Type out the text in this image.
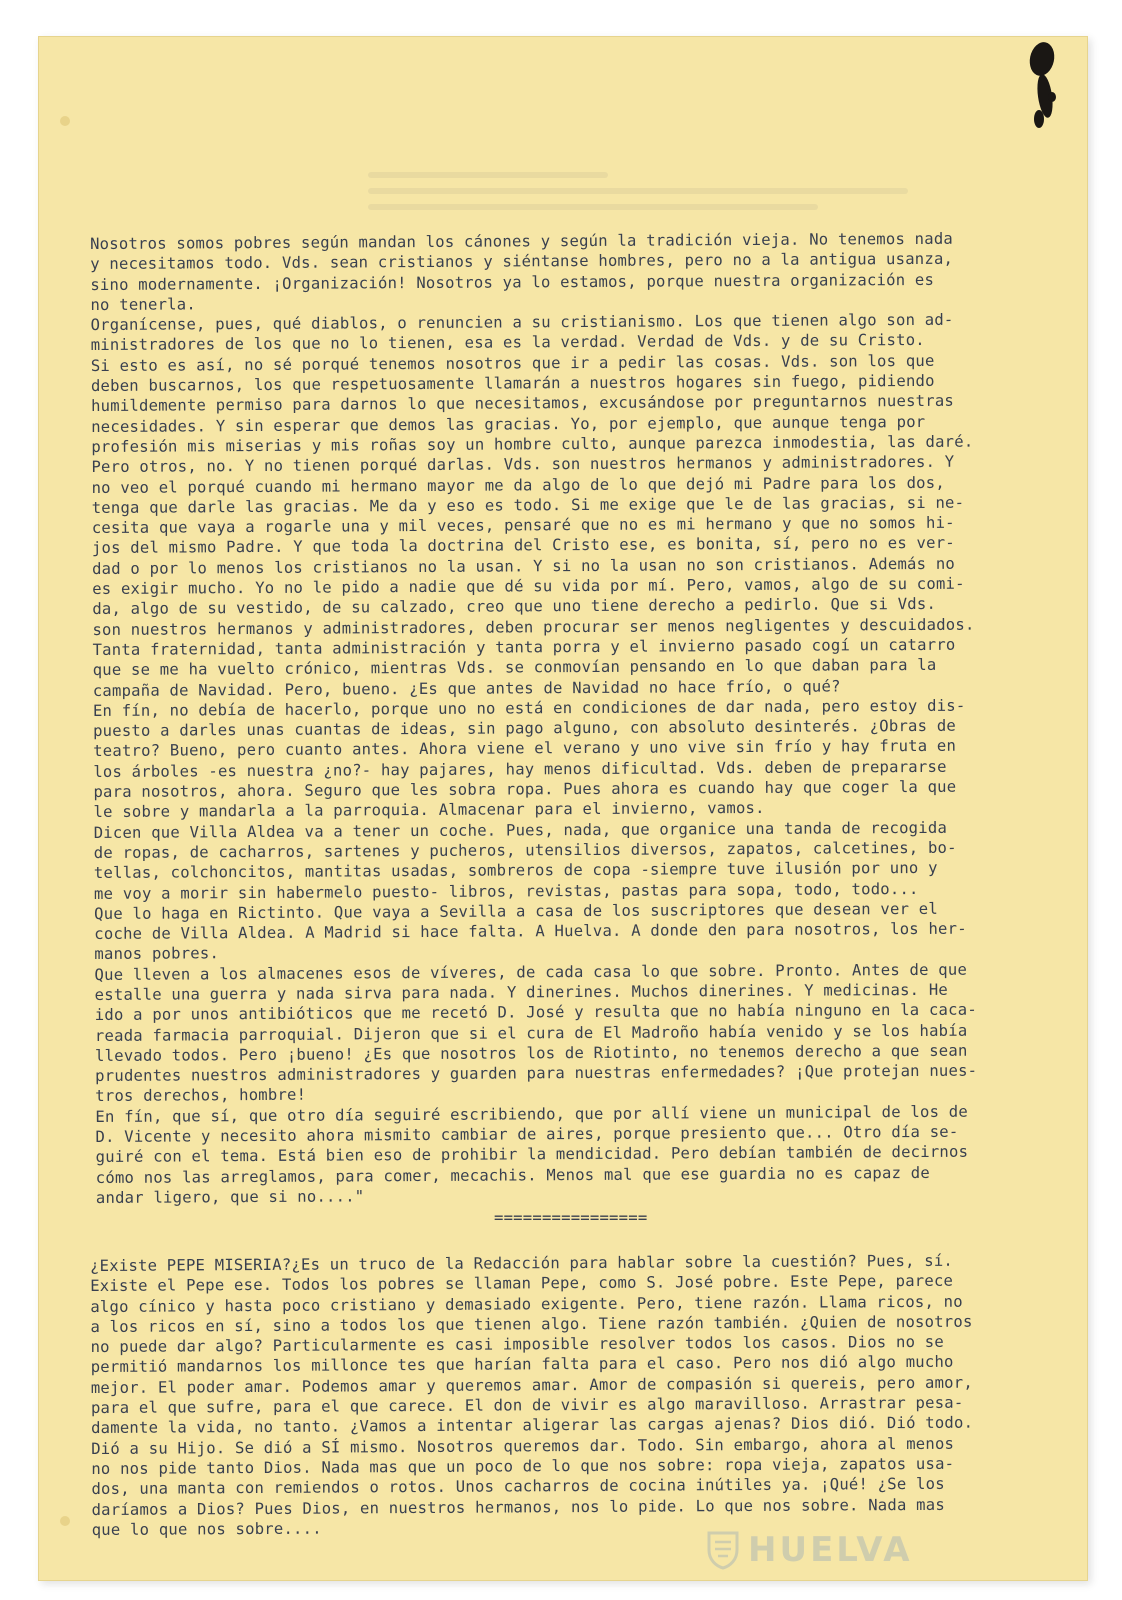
Nosotros somos pobres según mandan los cánones y según la tradición vieja. No tenemos nada
y necesitamos todo. Vds. sean cristianos y siéntanse hombres, pero no a la antigua usanza,
sino modernamente. ¡Organización! Nosotros ya lo estamos, porque nuestra organización es
no tenerla.
Organícense, pues, qué diablos, o renuncien a su cristianismo. Los que tienen algo son ad-
ministradores de los que no lo tienen, esa es la verdad. Verdad de Vds. y de su Cristo.
Si esto es así, no sé porqué tenemos nosotros que ir a pedir las cosas. Vds. son los que
deben buscarnos, los que respetuosamente llamarán a nuestros hogares sin fuego, pidiendo
humildemente permiso para darnos lo que necesitamos, excusándose por preguntarnos nuestras
necesidades. Y sin esperar que demos las gracias. Yo, por ejemplo, que aunque tenga por
profesión mis miserias y mis roñas soy un hombre culto, aunque parezca inmodestia, las daré.
Pero otros, no. Y no tienen porqué darlas. Vds. son nuestros hermanos y administradores. Y
no veo el porqué cuando mi hermano mayor me da algo de lo que dejó mi Padre para los dos,
tenga que darle las gracias. Me da y eso es todo. Si me exige que le de las gracias, si ne-
cesita que vaya a rogarle una y mil veces, pensaré que no es mi hermano y que no somos hi-
jos del mismo Padre. Y que toda la doctrina del Cristo ese, es bonita, sí, pero no es ver-
dad o por lo menos los cristianos no la usan. Y si no la usan no son cristianos. Además no
es exigir mucho. Yo no le pido a nadie que dé su vida por mí. Pero, vamos, algo de su comi-
da, algo de su vestido, de su calzado, creo que uno tiene derecho a pedirlo. Que si Vds.
son nuestros hermanos y administradores, deben procurar ser menos negligentes y descuidados.
Tanta fraternidad, tanta administración y tanta porra y el invierno pasado cogí un catarro
que se me ha vuelto crónico, mientras Vds. se conmovían pensando en lo que daban para la
campaña de Navidad. Pero, bueno. ¿Es que antes de Navidad no hace frío, o qué?
En fín, no debía de hacerlo, porque uno no está en condiciones de dar nada, pero estoy dis-
puesto a darles unas cuantas de ideas, sin pago alguno, con absoluto desinterés. ¿Obras de
teatro? Bueno, pero cuanto antes. Ahora viene el verano y uno vive sin frío y hay fruta en
los árboles -es nuestra ¿no?- hay pajares, hay menos dificultad. Vds. deben de prepararse
para nosotros, ahora. Seguro que les sobra ropa. Pues ahora es cuando hay que coger la que
le sobre y mandarla a la parroquia. Almacenar para el invierno, vamos.
Dicen que Villa Aldea va a tener un coche. Pues, nada, que organice una tanda de recogida
de ropas, de cacharros, sartenes y pucheros, utensilios diversos, zapatos, calcetines, bo-
tellas, colchoncitos, mantitas usadas, sombreros de copa -siempre tuve ilusión por uno y
me voy a morir sin habermelo puesto- libros, revistas, pastas para sopa, todo, todo...
Que lo haga en Rictinto. Que vaya a Sevilla a casa de los suscriptores que desean ver el
coche de Villa Aldea. A Madrid si hace falta. A Huelva. A donde den para nosotros, los her-
manos pobres.
Que lleven a los almacenes esos de víveres, de cada casa lo que sobre. Pronto. Antes de que
estalle una guerra y nada sirva para nada. Y dinerines. Muchos dinerines. Y medicinas. He
ido a por unos antibióticos que me recetó D. José y resulta que no había ninguno en la caca-
reada farmacia parroquial. Dijeron que si el cura de El Madroño había venido y se los había
llevado todos. Pero ¡bueno! ¿Es que nosotros los de Riotinto, no tenemos derecho a que sean
prudentes nuestros administradores y guarden para nuestras enfermedades? ¡Que protejan nues-
tros derechos, hombre!
En fín, que sí, que otro día seguiré escribiendo, que por allí viene un municipal de los de
D. Vicente y necesito ahora mismito cambiar de aires, porque presiento que... Otro día se-
guiré con el tema. Está bien eso de prohibir la mendicidad. Pero debían también de decirnos
cómo nos las arreglamos, para comer, mecachis. Menos mal que ese guardia no es capaz de
andar ligero, que si no...."
================
¿Existe PEPE MISERIA?¿Es un truco de la Redacción para hablar sobre la cuestión? Pues, sí.
Existe el Pepe ese. Todos los pobres se llaman Pepe, como S. José pobre. Este Pepe, parece
algo cínico y hasta poco cristiano y demasiado exigente. Pero, tiene razón. Llama ricos, no
a los ricos en sí, sino a todos los que tienen algo. Tiene razón también. ¿Quien de nosotros
no puede dar algo? Particularmente es casi imposible resolver todos los casos. Dios no se
permitió mandarnos los millonce tes que harían falta para el caso. Pero nos dió algo mucho
mejor. El poder amar. Podemos amar y queremos amar. Amor de compasión si quereis, pero amor,
para el que sufre, para el que carece. El don de vivir es algo maravilloso. Arrastrar pesa-
damente la vida, no tanto. ¿Vamos a intentar aligerar las cargas ajenas? Dios dió. Dió todo.
Dió a su Hijo. Se dió a SÍ mismo. Nosotros queremos dar. Todo. Sin embargo, ahora al menos
no nos pide tanto Dios. Nada mas que un poco de lo que nos sobre: ropa vieja, zapatos usa-
dos, una manta con remiendos o rotos. Unos cacharros de cocina inútiles ya. ¡Qué! ¿Se los
daríamos a Dios? Pues Dios, en nuestros hermanos, nos lo pide. Lo que nos sobre. Nada mas
que lo que nos sobre....
HUELVA
